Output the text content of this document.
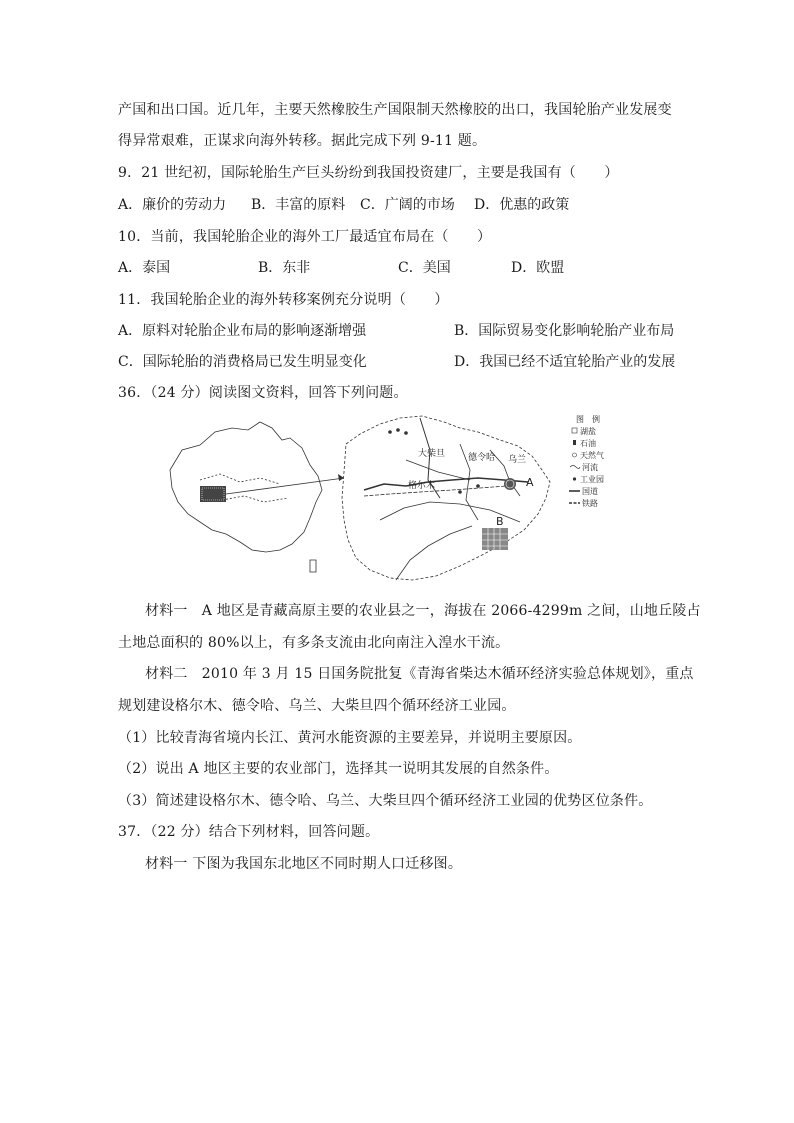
产国和出口国。近几年，主要天然橡胶生产国限制天然橡胶的出口，我国轮胎产业发展变
得异常艰难，正谋求向海外转移。据此完成下列 9-11 题。
9．21 世纪初，国际轮胎生产巨头纷纷到我国投资建厂，主要是我国有（　　）
A．廉价的劳动力 B．丰富的原料 C．广阔的市场 D．优惠的政策
10．当前，我国轮胎企业的海外工厂最适宜布局在（　　）
A．泰国	B．东非	C．美国	D．欧盟
11．我国轮胎企业的海外转移案例充分说明（　　）
A．原料对轮胎企业布局的影响逐渐增强	B．国际贸易变化影响轮胎产业布局
C．国际轮胎的消费格局已发生明显变化	D．我国已经不适宜轮胎产业的发展
36．（24 分）阅读图文资料，回答下列问题。
大柴旦	德令哈 乌兰
格尔木	A
B
图　例
湖盐
石油
天然气
河流
工业园
国道
铁路
材料一　A 地区是青藏高原主要的农业县之一，海拔在 2066-4299m 之间，山地丘陵占
土地总面积的 80%以上，有多条支流由北向南注入湟水干流。
材料二　2010 年 3 月 15 日国务院批复《青海省柴达木循环经济实验总体规划》，重点
规划建设格尔木、德令哈、乌兰、大柴旦四个循环经济工业园。
（1）比较青海省境内长江、黄河水能资源的主要差异，并说明主要原因。
（2）说出 A 地区主要的农业部门，选择其一说明其发展的自然条件。
（3）简述建设格尔木、德令哈、乌兰、大柴旦四个循环经济工业园的优势区位条件。
37．（22 分）结合下列材料，回答问题。
材料一 下图为我国东北地区不同时期人口迁移图。
